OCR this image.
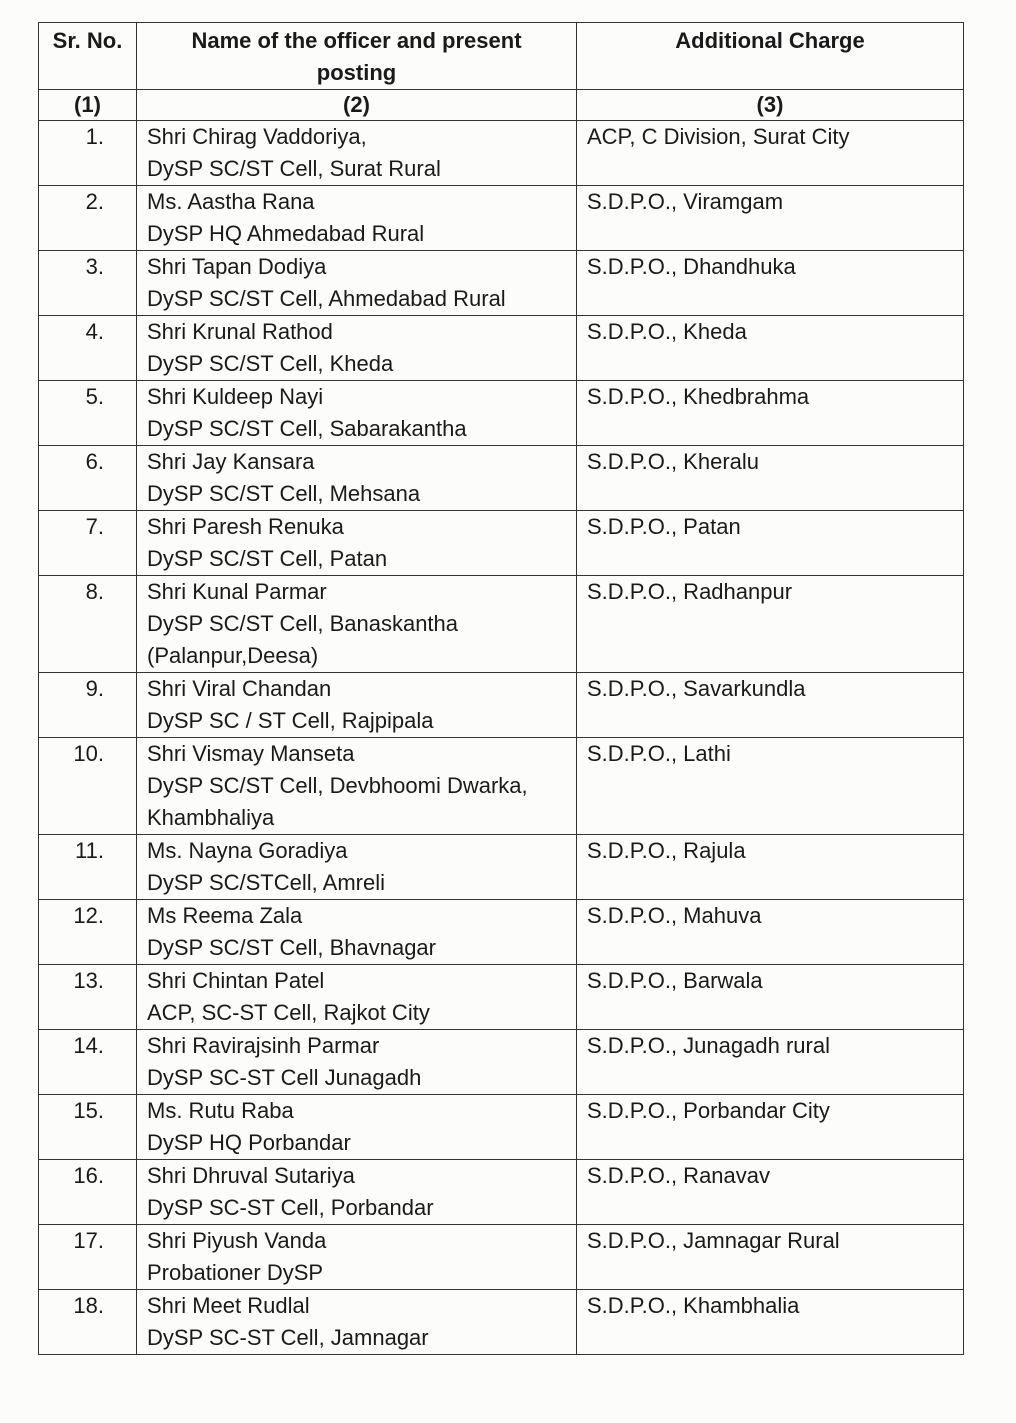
Sr. No.	Name of the officer and present
posting	Additional Charge
(1)	(2)	(3)
1.	Shri Chirag Vaddoriya,
DySP SC/ST Cell, Surat Rural	ACP, C Division, Surat City
2.	Ms. Aastha Rana
DySP HQ Ahmedabad Rural	S.D.P.O., Viramgam
3.	Shri Tapan Dodiya
DySP SC/ST Cell, Ahmedabad Rural	S.D.P.O., Dhandhuka
4.	Shri Krunal Rathod
DySP SC/ST Cell, Kheda	S.D.P.O., Kheda
5.	Shri Kuldeep Nayi
DySP SC/ST Cell, Sabarakantha	S.D.P.O., Khedbrahma
6.	Shri Jay Kansara
DySP SC/ST Cell, Mehsana	S.D.P.O., Kheralu
7.	Shri Paresh Renuka
DySP SC/ST Cell, Patan	S.D.P.O., Patan
8.	Shri Kunal Parmar
DySP SC/ST Cell, Banaskantha
(Palanpur,Deesa)	S.D.P.O., Radhanpur
9.	Shri Viral Chandan
DySP SC / ST Cell, Rajpipala	S.D.P.O., Savarkundla
10.	Shri Vismay Manseta
DySP SC/ST Cell, Devbhoomi Dwarka,
Khambhaliya	S.D.P.O., Lathi
11.	Ms. Nayna Goradiya
DySP SC/STCell, Amreli	S.D.P.O., Rajula
12.	Ms Reema Zala
DySP SC/ST Cell, Bhavnagar	S.D.P.O., Mahuva
13.	Shri Chintan Patel
ACP, SC-ST Cell, Rajkot City	S.D.P.O., Barwala
14.	Shri Ravirajsinh Parmar
DySP SC-ST Cell Junagadh	S.D.P.O., Junagadh rural
15.	Ms. Rutu Raba
DySP HQ Porbandar	S.D.P.O., Porbandar City
16.	Shri Dhruval Sutariya
DySP SC-ST Cell, Porbandar	S.D.P.O., Ranavav
17.	Shri Piyush Vanda
Probationer DySP	S.D.P.O., Jamnagar Rural
18.	Shri Meet Rudlal
DySP SC-ST Cell, Jamnagar	S.D.P.O., Khambhalia
